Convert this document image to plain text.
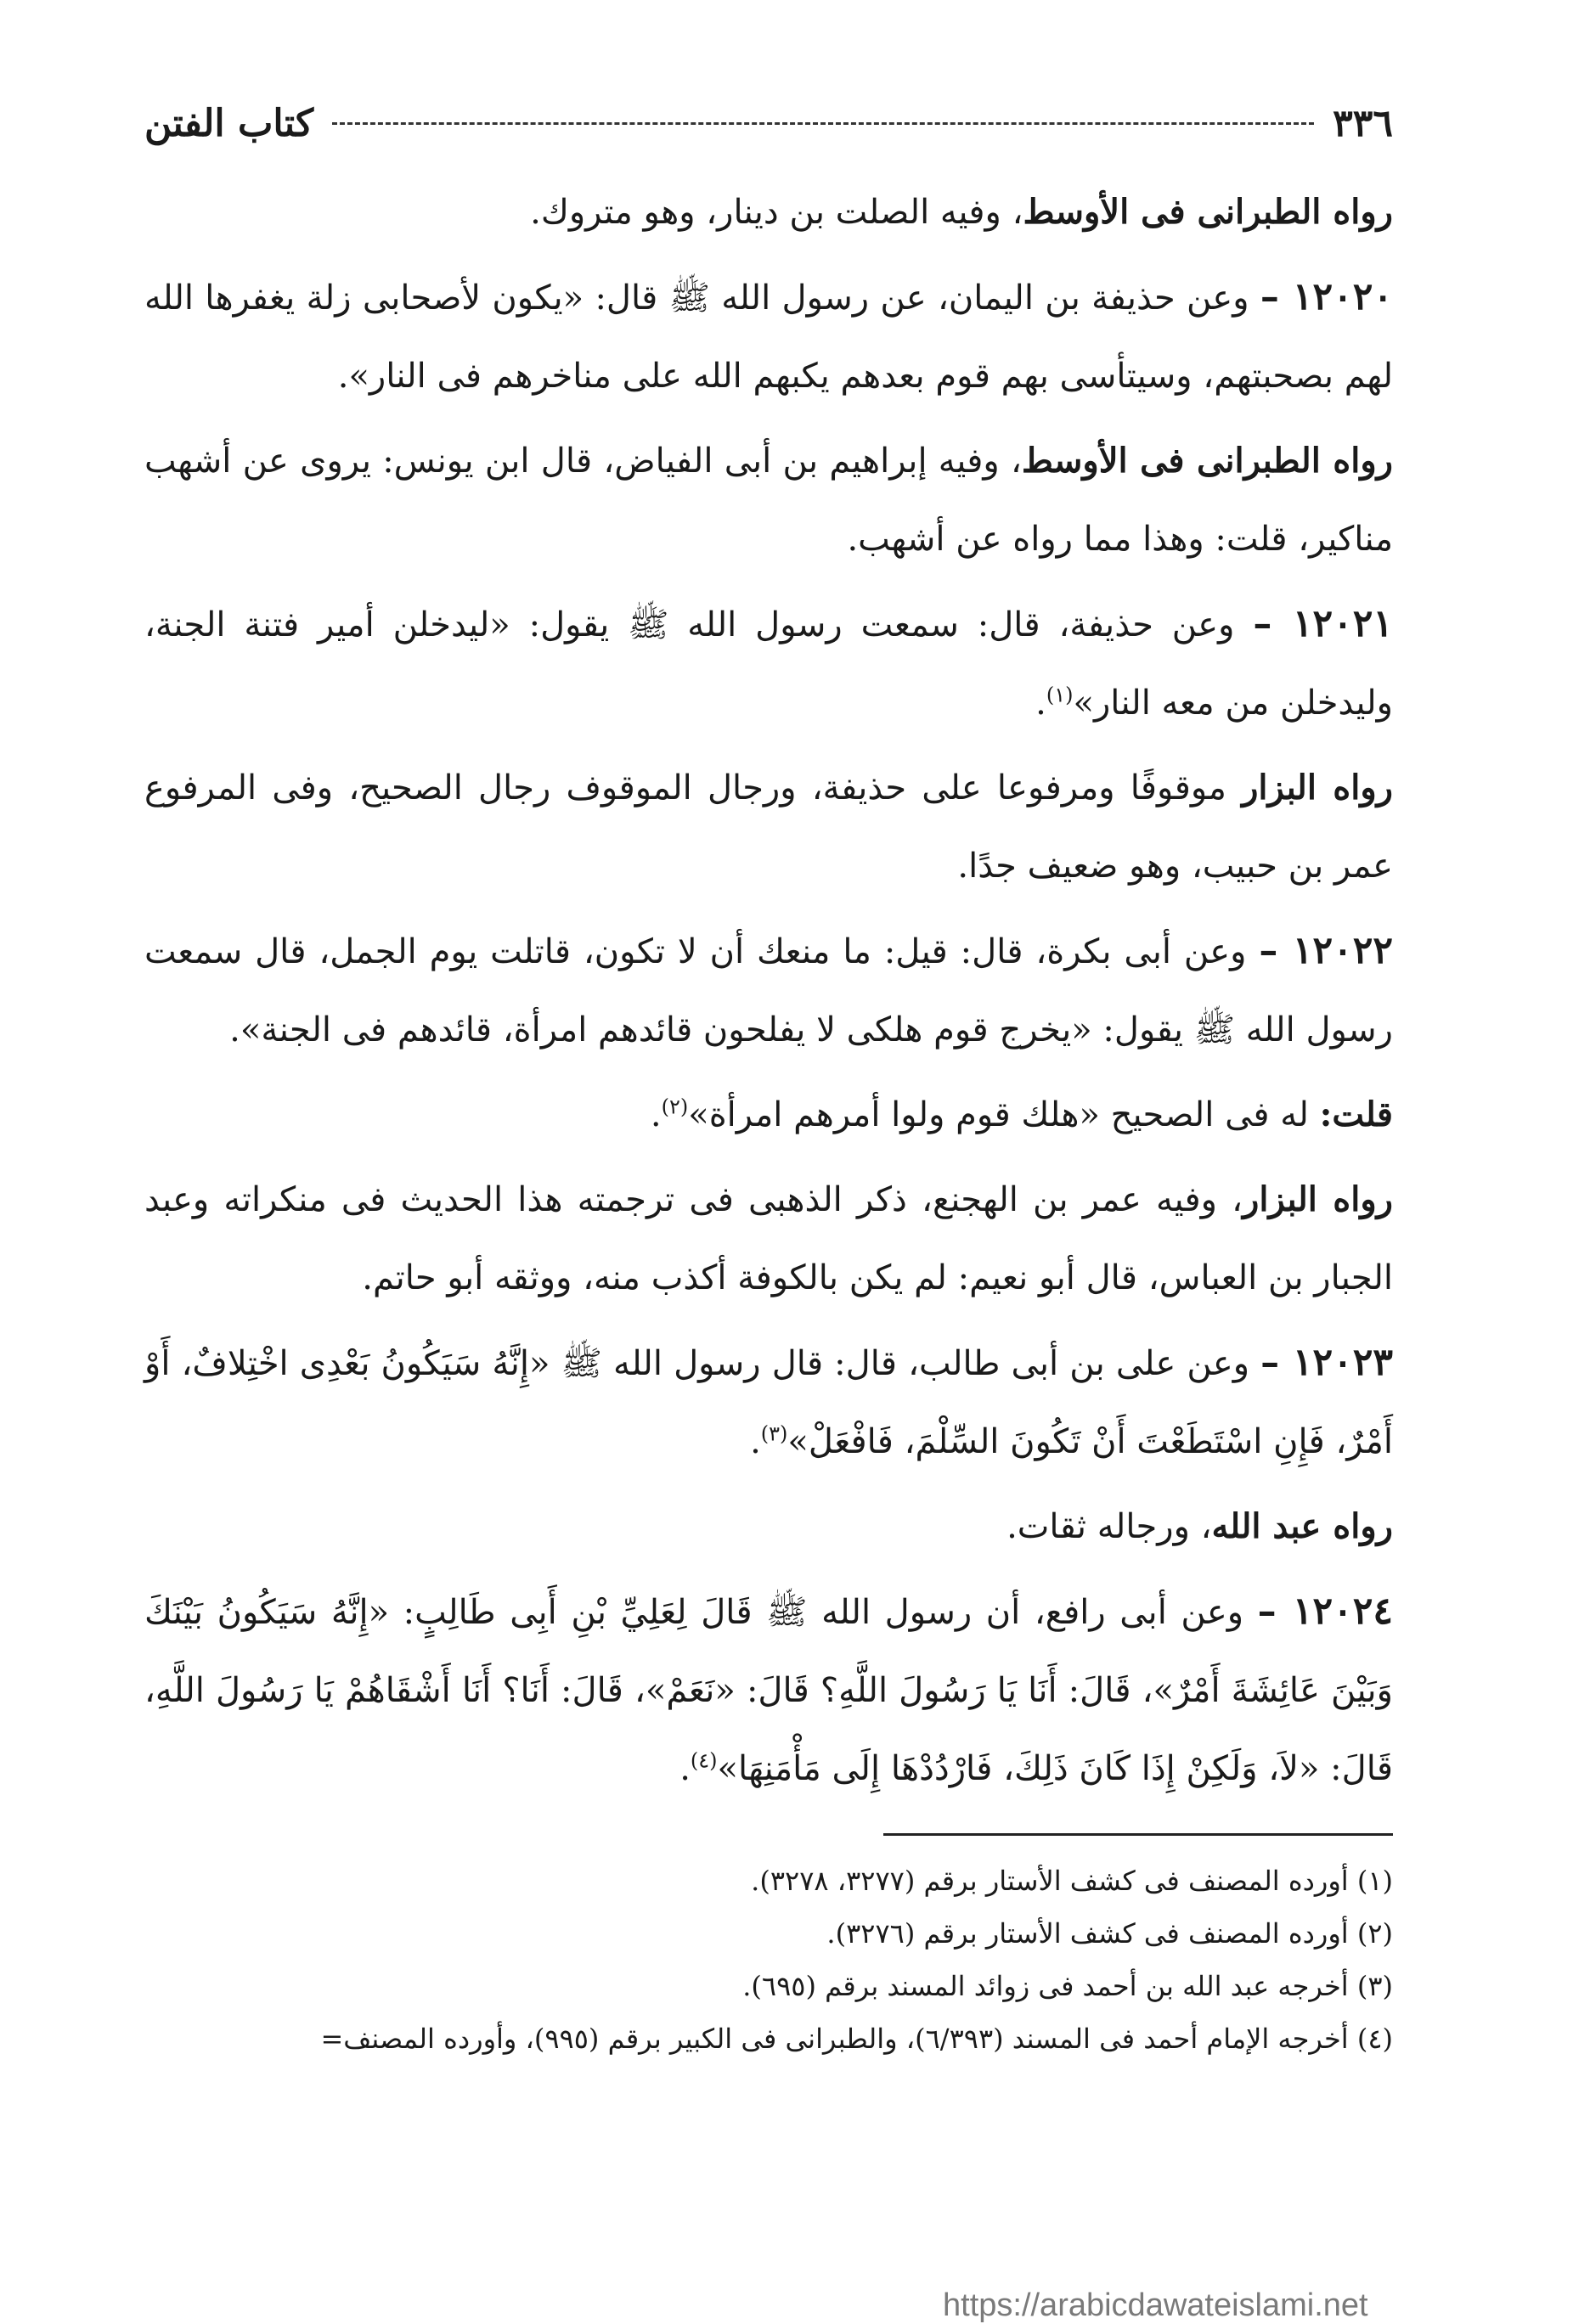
٣٣٦
كتاب الفتن

رواه الطبرانى فى الأوسط، وفيه الصلت بن دينار، وهو متروك.

١٢٠٢٠ – وعن حذيفة بن اليمان، عن رسول الله ﷺ قال: «يكون لأصحابى زلة يغفرها الله لهم بصحبتهم، وسيتأسى بهم قوم بعدهم يكبهم الله على مناخرهم فى النار».

رواه الطبرانى فى الأوسط، وفيه إبراهيم بن أبى الفياض، قال ابن يونس: يروى عن أشهب مناكير، قلت: وهذا مما رواه عن أشهب.

١٢٠٢١ – وعن حذيفة، قال: سمعت رسول الله ﷺ يقول: «ليدخلن أمير فتنة الجنة، وليدخلن من معه النار»$^{(١)}$.

رواه البزار موقوفًا ومرفوعا على حذيفة، ورجال الموقوف رجال الصحيح، وفى المرفوع عمر بن حبيب، وهو ضعيف جدًا.

١٢٠٢٢ – وعن أبى بكرة، قال: قيل: ما منعك أن لا تكون، قاتلت يوم الجمل، قال سمعت رسول الله ﷺ يقول: «يخرج قوم هلكى لا يفلحون قائدهم امرأة، قائدهم فى الجنة».

قلت: له فى الصحيح «هلك قوم ولوا أمرهم امرأة»$^{(٢)}$.

رواه البزار، وفيه عمر بن الهجنع، ذكر الذهبى فى ترجمته هذا الحديث فى منكراته وعبد الجبار بن العباس، قال أبو نعيم: لم يكن بالكوفة أكذب منه، ووثقه أبو حاتم.

١٢٠٢٣ – وعن على بن أبى طالب، قال: قال رسول الله ﷺ «إِنَّهُ سَيَكُونُ بَعْدِى اخْتِلافٌ، أَوْ أَمْرٌ، فَإِنِ اسْتَطَعْتَ أَنْ تَكُونَ السِّلْمَ، فَافْعَلْ»$^{(٣)}$.

رواه عبد الله، ورجاله ثقات.

١٢٠٢٤ – وعن أبى رافع، أن رسول الله ﷺ قَالَ لِعَلِيِّ بْنِ أَبِى طَالِبٍ: «إِنَّهُ سَيَكُونُ بَيْنَكَ وَبَيْنَ عَائِشَةَ أَمْرٌ»، قَالَ: أَنَا يَا رَسُولَ اللَّهِ؟ قَالَ: «نَعَمْ»، قَالَ: أَنَا؟ أَنَا أَشْقَاهُمْ يَا رَسُولَ اللَّهِ، قَالَ: «لاَ، وَلَكِنْ إِذَا كَانَ ذَلِكَ، فَارْدُدْهَا إِلَى مَأْمَنِهَا»$^{(٤)}$.

(١) أورده المصنف فى كشف الأستار برقم (٣٢٧٧، ٣٢٧٨).

(٢) أورده المصنف فى كشف الأستار برقم (٣٢٧٦).

(٣) أخرجه عبد الله بن أحمد فى زوائد المسند برقم (٦٩٥).

(٤) أخرجه الإمام أحمد فى المسند (٦/٣٩٣)، والطبرانى فى الكبير برقم (٩٩٥)، وأورده المصنف=

https://arabicdawateislami.net
